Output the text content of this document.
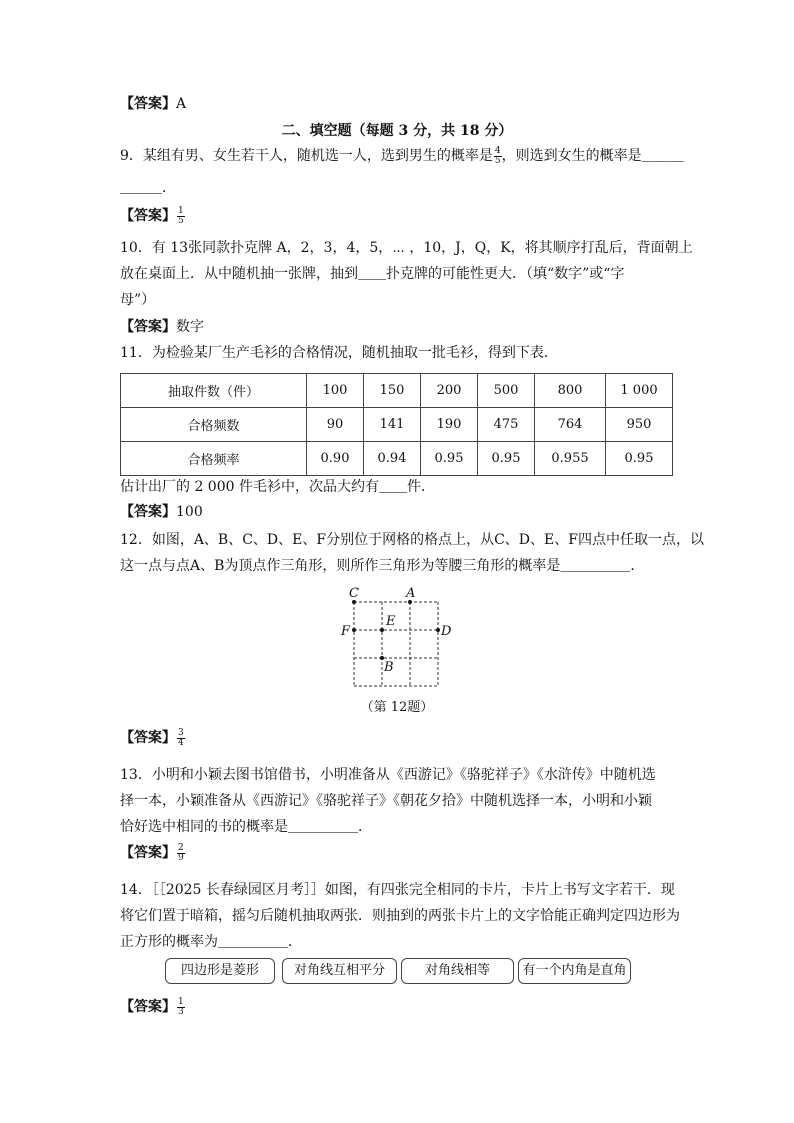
【答案】A
二、填空题（每题 3 分，共 18 分）
9．某组有男、女生若干人，随机选一人，选到男生的概率是 $\frac{4}{5}$ ，则选到女生的概率是＿＿＿
＿＿＿．
【答案】 $\frac{1}{5}$
10．有 13张同款扑克牌 A，2，3，4，5，⋯ ，10，J，Q，K，将其顺序打乱后，背面朝上
放在桌面上．从中随机抽一张牌，抽到＿＿扑克牌的可能性更大．（填“数字”或“字
母”）
【答案】数字
11．为检验某厂生产毛衫的合格情况，随机抽取一批毛衫，得到下表．
抽取件数（件）	100	150	200	500	800	1 000
合格频数	90	141	190	475	764	950
合格频率	0.90	0.94	0.95	0.95	0.955	0.95
估计出厂的 2 000 件毛衫中，次品大约有＿＿件．
【答案】100
12．如图，A、B、C、D、E、F分别位于网格的格点上，从C、D、E、F四点中任取一点，以
这一点与点A、B为顶点作三角形，则所作三角形为等腰三角形的概率是＿＿＿＿＿．
C	A
F
E
D
B
（第 12题）
【答案】 $\frac{3}{4}$
13．小明和小颖去图书馆借书，小明准备从《西游记》《骆驼祥子》《水浒传》中随机选
择一本，小颖准备从《西游记》《骆驼祥子》《朝花夕拾》中随机选择一本，小明和小颖
恰好选中相同的书的概率是＿＿＿＿＿．
【答案】 $\frac{2}{9}$
14．［［2025 长春绿园区月考］］如图，有四张完全相同的卡片，卡片上书写文字若干．现
将它们置于暗箱，摇匀后随机抽取两张．则抽到的两张卡片上的文字恰能正确判定四边形为
正方形的概率为＿＿＿＿＿．
四边形是菱形	对角线互相平分	对角线相等	有一个内角是直角
【答案】 $\frac{1}{3}$
